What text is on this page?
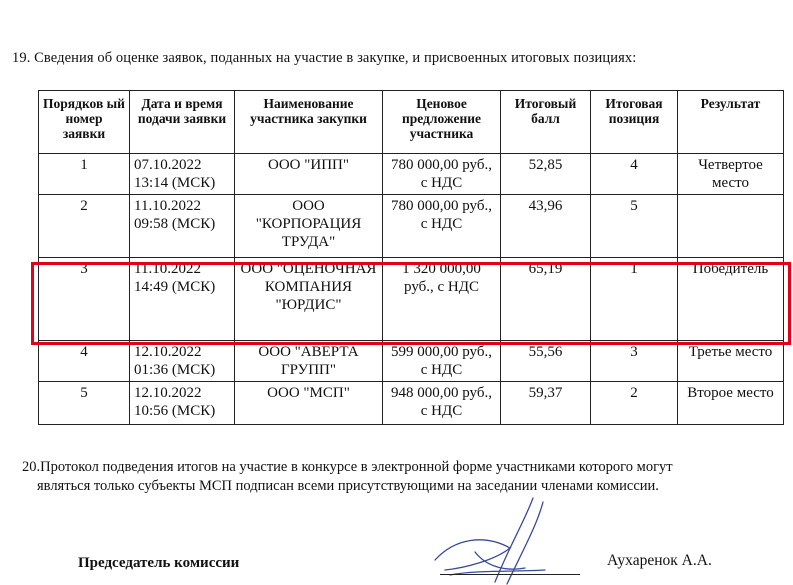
19. Сведения об оценке заявок, поданных на участие в закупке, и присвоенных итоговых позициях:
Порядков ый номер заявки	Дата и время подачи заявки	Наименование участника закупки	Ценовое предложение участника	Итоговый балл	Итоговая позиция	Результат
1	07.10.2022 13:14 (МСК)	ООО "ИПП"	780 000,00 руб., с НДС	52,85	4	Четвертое место
2	11.10.2022 09:58 (МСК)	ООО "КОРПОРАЦИЯ ТРУДА"	780 000,00 руб., с НДС	43,96	5	
3	11.10.2022 14:49 (МСК)	ООО "ОЦЕНОЧНАЯ КОМПАНИЯ "ЮРДИС"	1 320 000,00 руб., с НДС	65,19	1	Победитель
4	12.10.2022 01:36 (МСК)	ООО "АВЕРТА ГРУПП"	599 000,00 руб., с НДС	55,56	3	Третье место
5	12.10.2022 10:56 (МСК)	ООО "МСП"	948 000,00 руб., с НДС	59,37	2	Второе место
20.Протокол подведения итогов на участие в конкурсе в электронной форме участниками которого могут
являться только субъекты МСП подписан всеми присутствующими на заседании членами комиссии.
Председатель комиссии	Аухаренок А.А.
